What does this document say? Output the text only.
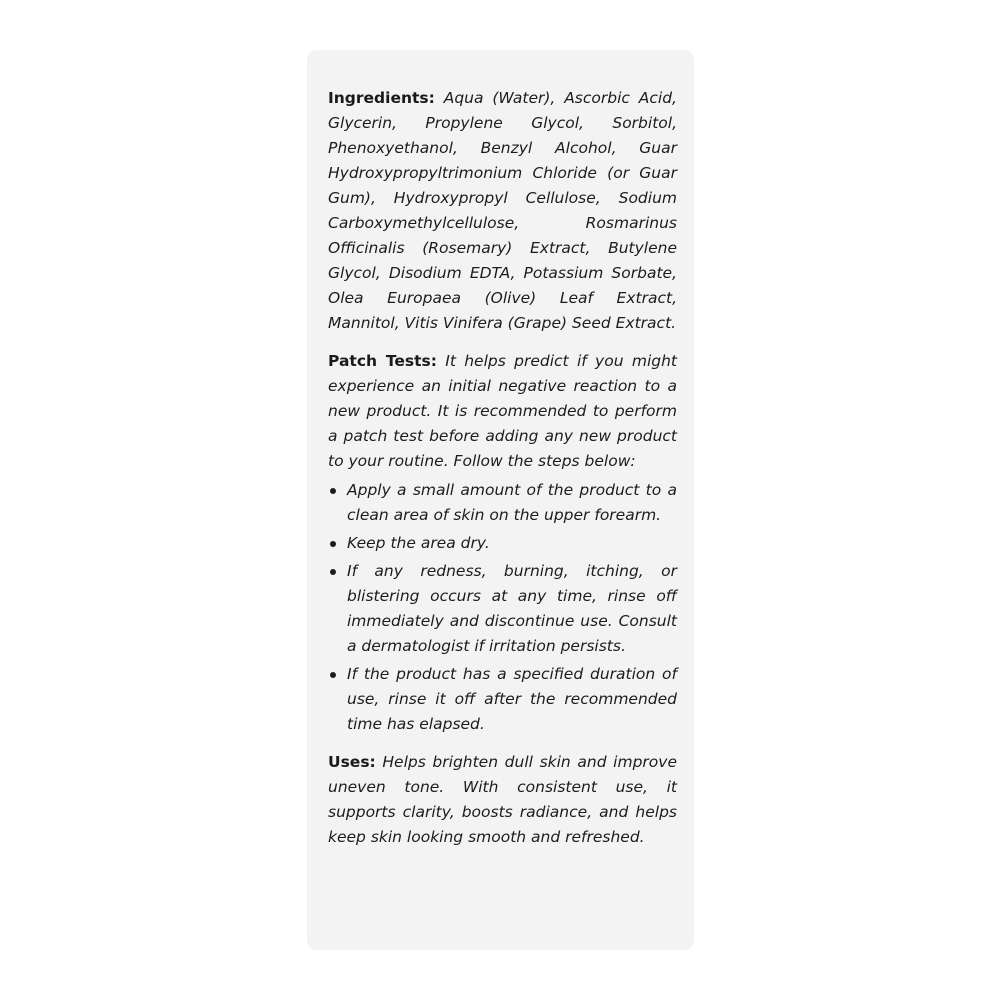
Ingredients: Aqua (Water), Ascorbic Acid, Glycerin, Propylene Glycol, Sorbitol, Phenoxyethanol, Benzyl Alcohol, Guar Hydroxypropyltrimonium Chloride (or Guar Gum), Hydroxypropyl Cellulose, Sodium Carboxymethylcellulose, Rosmarinus Officinalis (Rosemary) Extract, Butylene Glycol, Disodium EDTA, Potassium Sorbate, Olea Europaea (Olive) Leaf Extract, Mannitol, Vitis Vinifera (Grape) Seed Extract.

Patch Tests: It helps predict if you might experience an initial negative reaction to a new product. It is recommended to perform a patch test before adding any new product to your routine. Follow the steps below:

Apply a small amount of the product to a clean area of skin on the upper forearm.
Keep the area dry.
If any redness, burning, itching, or blistering occurs at any time, rinse off immediately and discontinue use. Consult a dermatologist if irritation persists.
If the product has a specified duration of use, rinse it off after the recommended time has elapsed.

Uses: Helps brighten dull skin and improve uneven tone. With consistent use, it supports clarity, boosts radiance, and helps keep skin looking smooth and refreshed.
